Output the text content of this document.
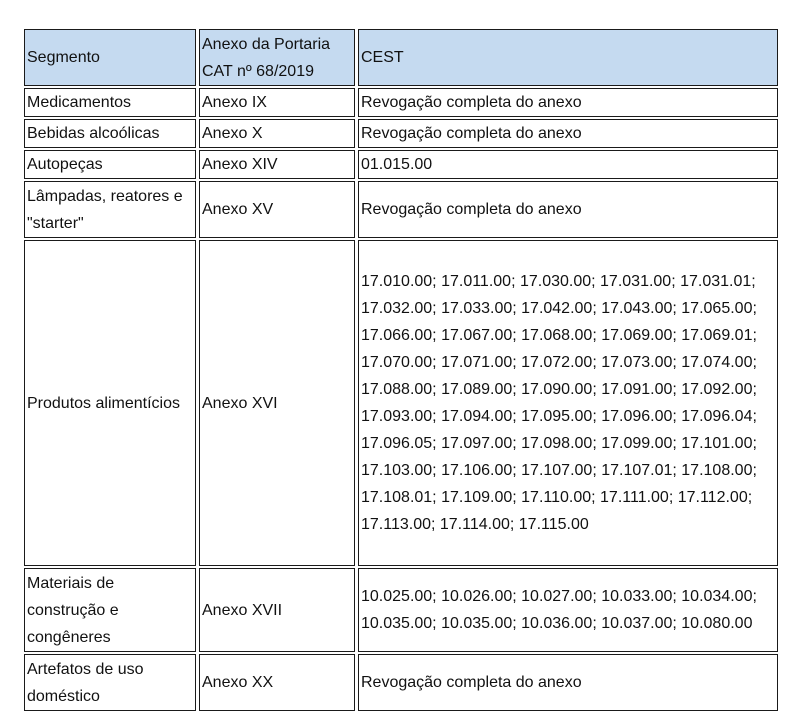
Segmento	Anexo da Portaria CAT nº 68/2019	CEST
Medicamentos	Anexo IX	Revogação completa do anexo
Bebidas alcoólicas	Anexo X	Revogação completa do anexo
Autopeças	Anexo XIV	01.015.00
Lâmpadas, reatores e "starter"	Anexo XV	Revogação completa do anexo
Produtos alimentícios	Anexo XVI	17.010.00; 17.011.00; 17.030.00; 17.031.00; 17.031.01; 17.032.00; 17.033.00; 17.042.00; 17.043.00; 17.065.00; 17.066.00; 17.067.00; 17.068.00; 17.069.00; 17.069.01; 17.070.00; 17.071.00; 17.072.00; 17.073.00; 17.074.00; 17.088.00; 17.089.00; 17.090.00; 17.091.00; 17.092.00; 17.093.00; 17.094.00; 17.095.00; 17.096.00; 17.096.04; 17.096.05; 17.097.00; 17.098.00; 17.099.00; 17.101.00; 17.103.00; 17.106.00; 17.107.00; 17.107.01; 17.108.00; 17.108.01; 17.109.00; 17.110.00; 17.111.00; 17.112.00; 17.113.00; 17.114.00; 17.115.00
Materiais de construção e congêneres	Anexo XVII	10.025.00; 10.026.00; 10.027.00; 10.033.00; 10.034.00; 10.035.00; 10.035.00; 10.036.00; 10.037.00; 10.080.00
Artefatos de uso doméstico	Anexo XX	Revogação completa do anexo
